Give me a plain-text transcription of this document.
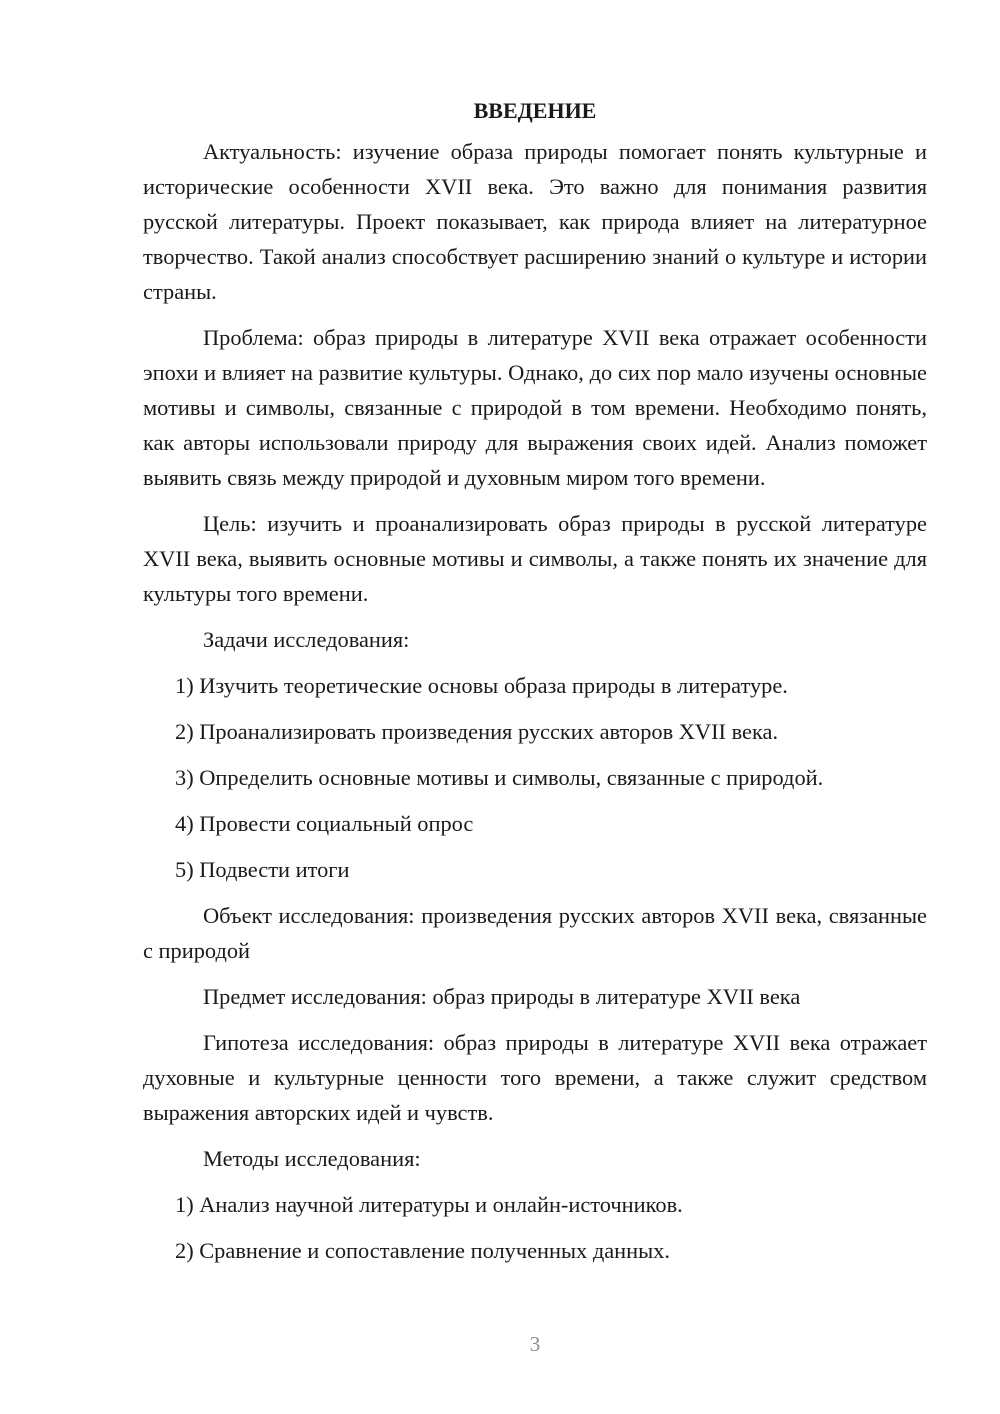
ВВЕДЕНИЕ

Актуальность: изучение образа природы помогает понять культурные и исторические особенности XVII века. Это важно для понимания развития русской литературы. Проект показывает, как природа влияет на литературное творчество. Такой анализ способствует расширению знаний о культуре и истории страны.

Проблема: образ природы в литературе XVII века отражает особенности эпохи и влияет на развитие культуры. Однако, до сих пор мало изучены основные мотивы и символы, связанные с природой в том времени. Необходимо понять, как авторы использовали природу для выражения своих идей. Анализ поможет выявить связь между природой и духовным миром того времени.

Цель: изучить и проанализировать образ природы в русской литературе XVII века, выявить основные мотивы и символы, а также понять их значение для культуры того времени.

Задачи исследования:

1) Изучить теоретические основы образа природы в литературе.

2) Проанализировать произведения русских авторов XVII века.

3) Определить основные мотивы и символы, связанные с природой.

4) Провести социальный опрос

5) Подвести итоги

Объект исследования: произведения русских авторов XVII века, связанные с природой

Предмет исследования: образ природы в литературе XVII века

Гипотеза исследования: образ природы в литературе XVII века отражает духовные и культурные ценности того времени, а также служит средством выражения авторских идей и чувств.

Методы исследования:

1) Анализ научной литературы и онлайн-источников.

2) Сравнение и сопоставление полученных данных.

3
